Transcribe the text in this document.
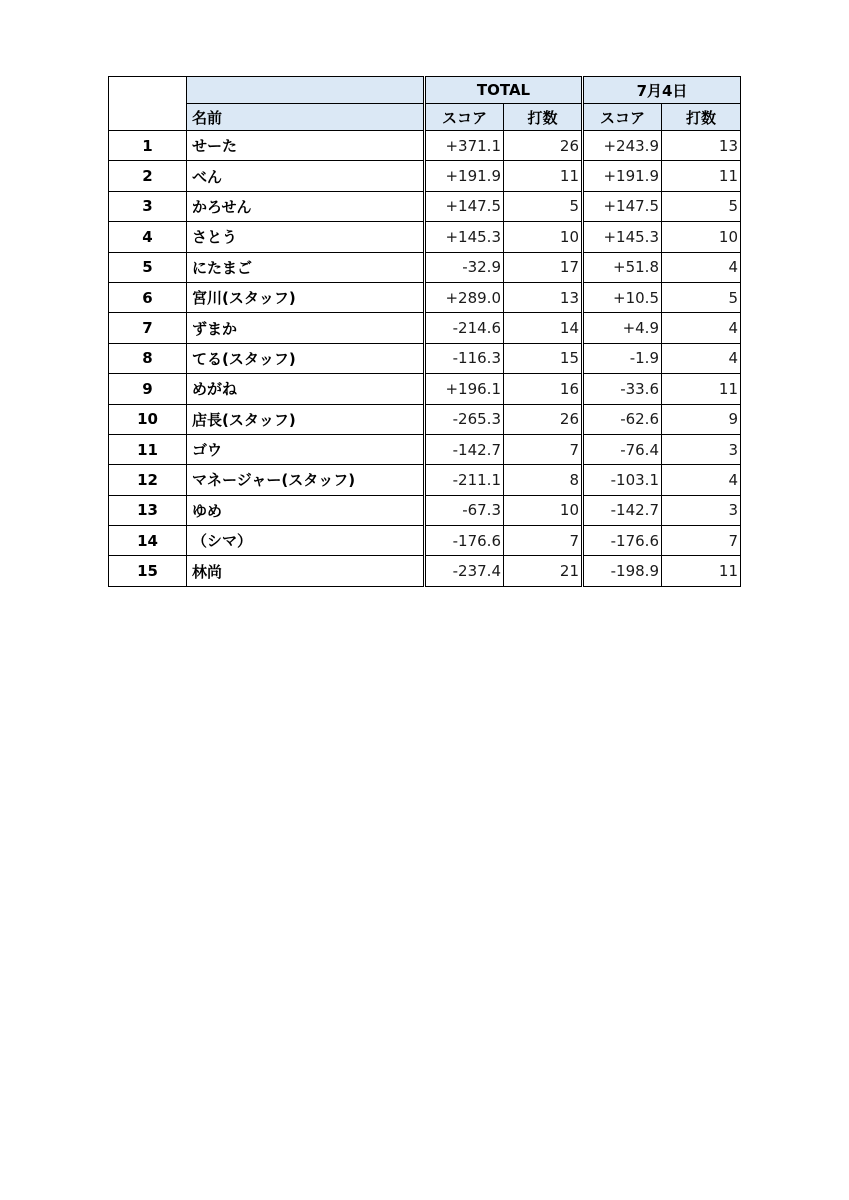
		TOTAL		7月4日	
	名前	スコア	打数	スコア	打数
1	せーた	+371.1	26	+243.9	13
2	べん	+191.9	11	+191.9	11
3	かろせん	+147.5	5	+147.5	5
4	さとう	+145.3	10	+145.3	10
5	にたまご	-32.9	17	+51.8	4
6	宮川(スタッフ)	+289.0	13	+10.5	5
7	ずまか	-214.6	14	+4.9	4
8	てる(スタッフ)	-116.3	15	-1.9	4
9	めがね	+196.1	16	-33.6	11
10	店長(スタッフ)	-265.3	26	-62.6	9
11	ゴウ	-142.7	7	-76.4	3
12	マネージャー(スタッフ)	-211.1	8	-103.1	4
13	ゆめ	-67.3	10	-142.7	3
14	（シマ）	-176.6	7	-176.6	7
15	林尚	-237.4	21	-198.9	11
